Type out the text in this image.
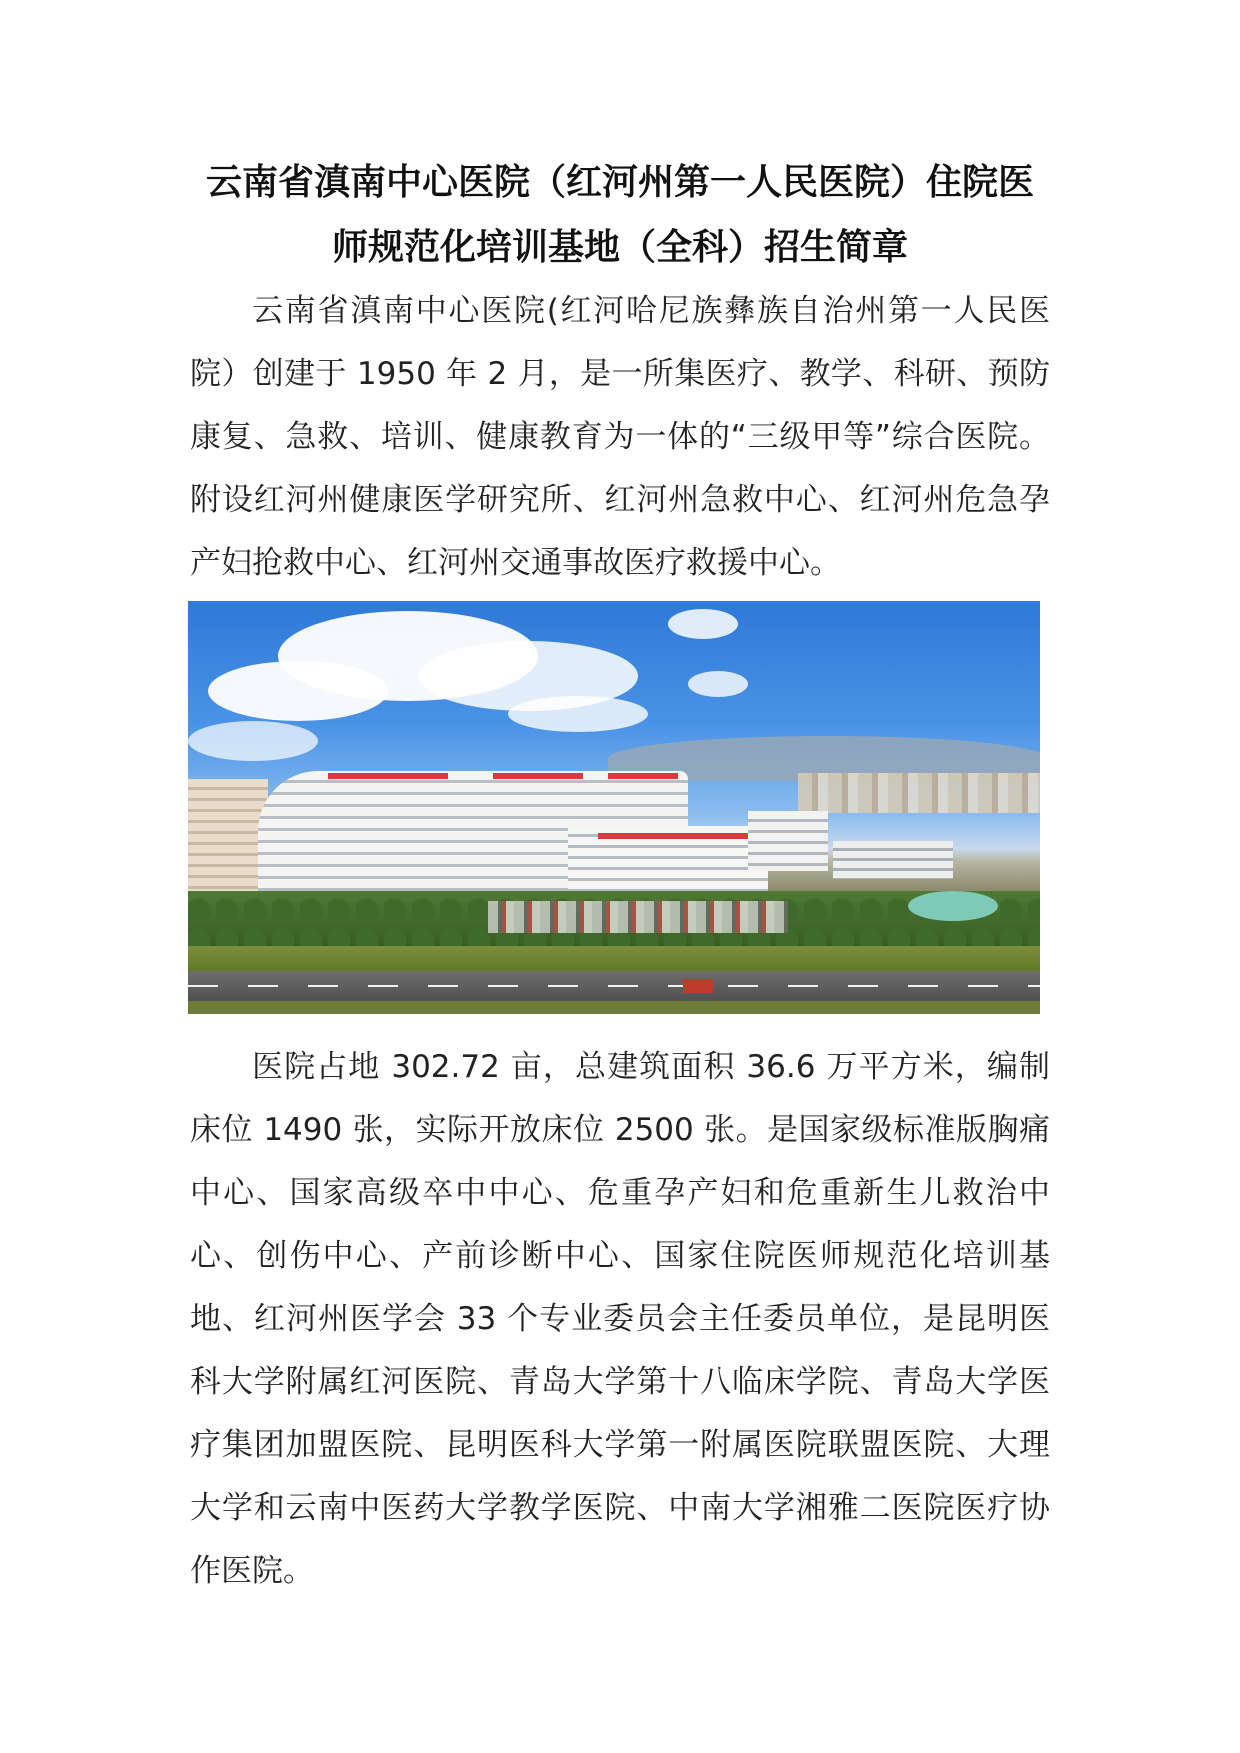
云南省滇南中心医院（红河州第一人民医院）住院医
师规范化培训基地（全科）招生简章

云南省滇南中心医院(红河哈尼族彝族自治州第一人民医院）创建于 1950 年 2 月，是一所集医疗、教学、科研、预防康复、急救、培训、健康教育为一体的“三级甲等”综合医院。附设红河州健康医学研究所、红河州急救中心、红河州危急孕产妇抢救中心、红河州交通事故医疗救援中心。

医院占地 302.72 亩，总建筑面积 36.6 万平方米，编制床位 1490 张，实际开放床位 2500 张。是国家级标准版胸痛中心、国家高级卒中中心、危重孕产妇和危重新生儿救治中心、创伤中心、产前诊断中心、国家住院医师规范化培训基地、红河州医学会 33 个专业委员会主任委员单位，是昆明医科大学附属红河医院、青岛大学第十八临床学院、青岛大学医疗集团加盟医院、昆明医科大学第一附属医院联盟医院、大理大学和云南中医药大学教学医院、中南大学湘雅二医院医疗协作医院。
